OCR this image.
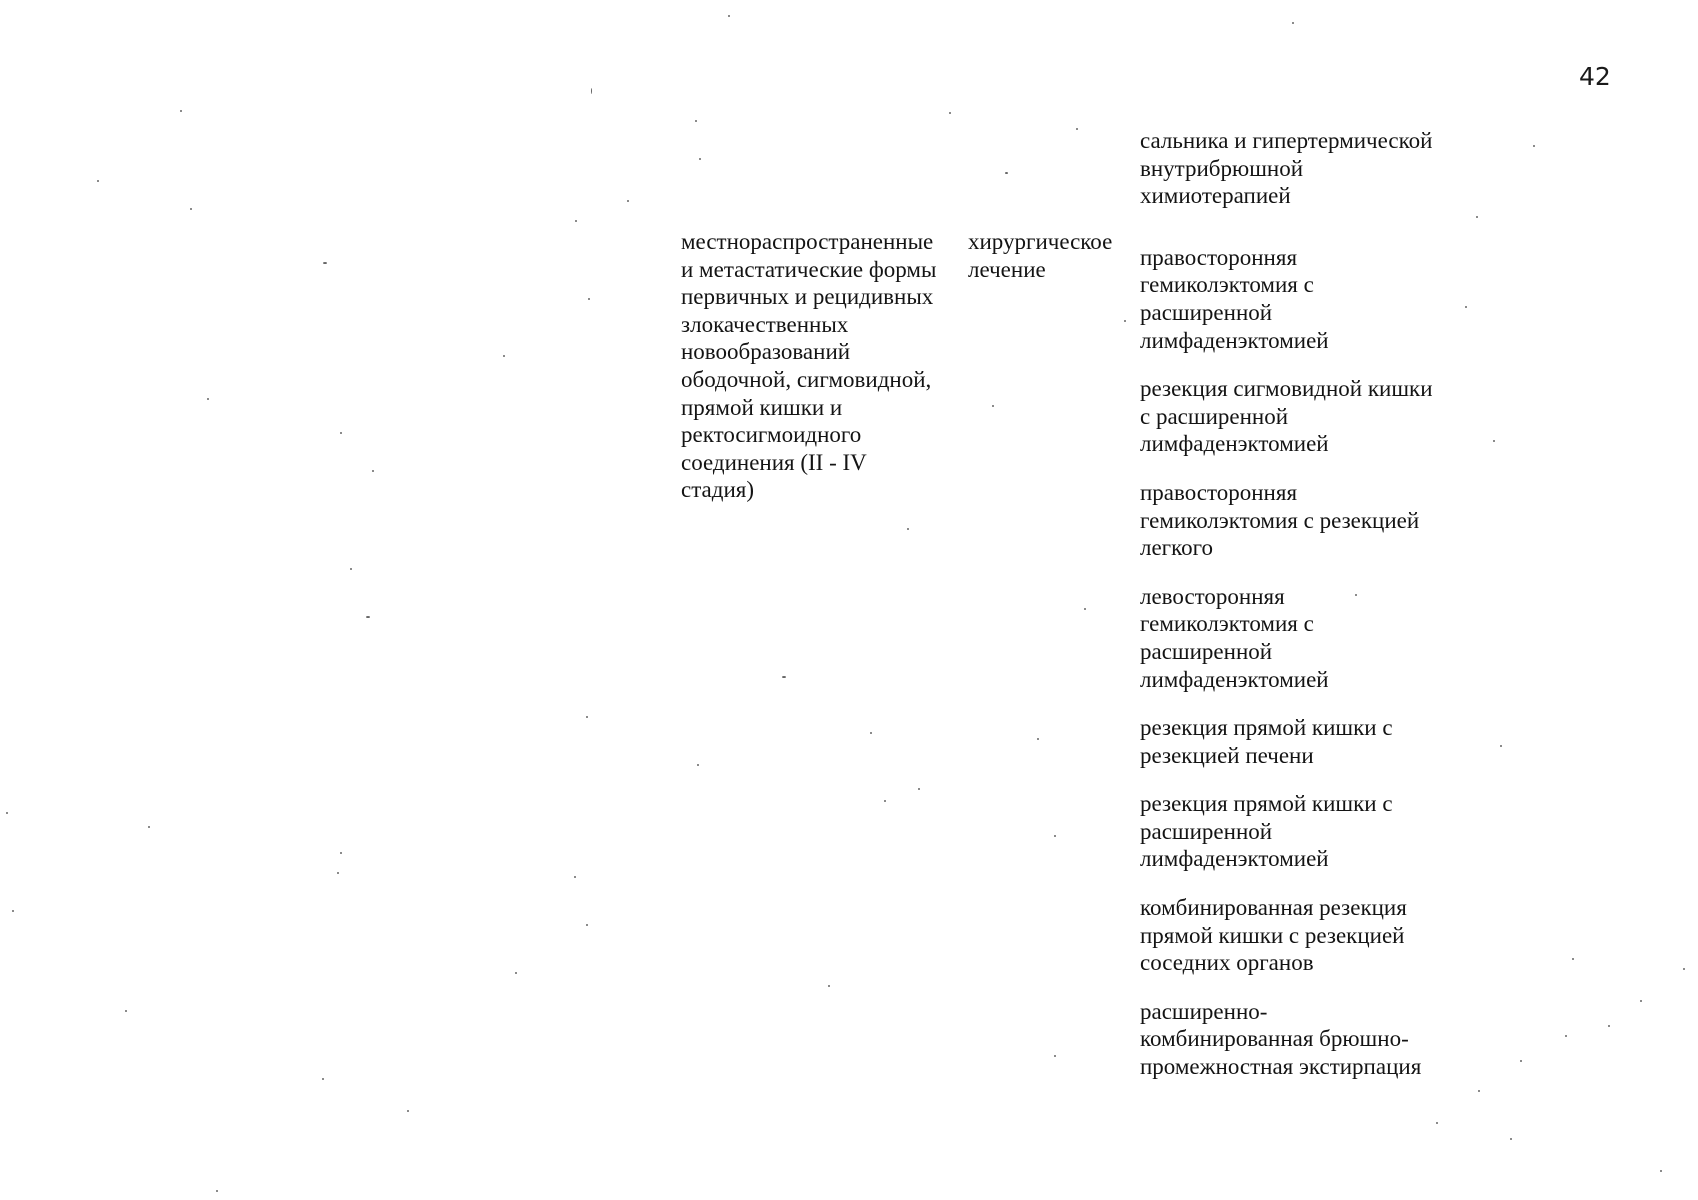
42
местнораспространенные
и метастатические формы
первичных и рецидивных
злокачественных
новообразований
ободочной, сигмовидной,
прямой кишки и
ректосигмоидного
соединения (II - IV
стадия)
хирургическое
лечение
сальника и гипертермической
внутрибрюшной
химиотерапией
правосторонняя
гемиколэктомия с
расширенной
лимфаденэктомией
резекция сигмовидной кишки
с расширенной
лимфаденэктомией
правосторонняя
гемиколэктомия с резекцией
легкого
левосторонняя
гемиколэктомия с
расширенной
лимфаденэктомией
резекция прямой кишки с
резекцией печени
резекция прямой кишки с
расширенной
лимфаденэктомией
комбинированная резекция
прямой кишки с резекцией
соседних органов
расширенно-
комбинированная брюшно-
промежностная экстирпация
